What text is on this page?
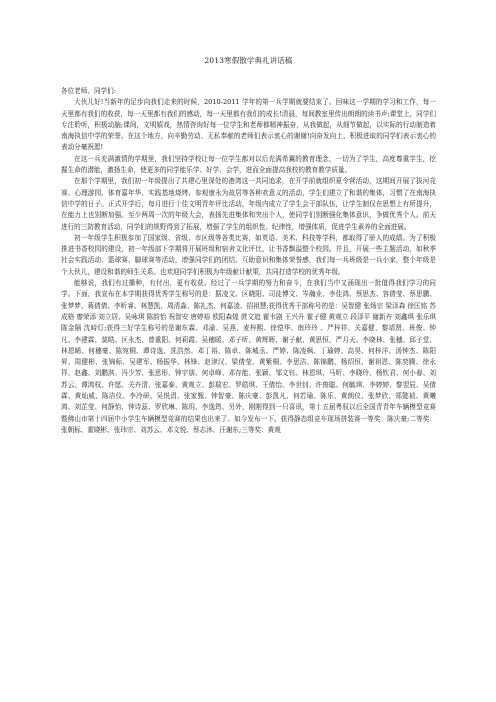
2013寒假散学典礼讲话稿

各位老师、同学们:

大伙儿好!当新年的足步向我们走来的时候，2010-2011 学年的第一兵学期就要结束了。回味这一学期的学习和工作，每一天里都有我们的收获，每一天里都有我们的感动，每一天里都有我们的成长!清晨，每间教室里传出朗朗的读书声;课堂上，同学们专注聆听，积极动脑;课间，文明嬉戏，热情咨询好每一位学生和老师都精神振奋，从我做起，从细节做起，以实际的行动制造着南海执信中学的荣誉。在这个地方，向辛勤劳动、无私奉献的老师们表示衷心的谢谢!向奋发向上、积极进取的同学们表示衷心的表动分毫祝愿!

在这一兵充满激情的学期里，我们坚持学校让每一位学生都对以后充满希翼的教育理念，一切为了学生，高度尊重学生，挖掘生命的潜能，激扬生命，使更多的同学能乐学、好学、会学，进而全面提高我校的教育教学质量。

在那个学期里，我们初一年级提出了共建心里深处的港湾这一共同追求，在开学前就组织夏令营活动，这期间开展了拔河竞赛、心理游园、体育嘉年华、实践基地烧烤、参观康永为故居等各种欢意义的活动，学生们建立了和谐的集体，习惯了在南海执信中学的日子。正式开学后，每月进行十佳文明青年评比活动，年级内成立了学生会干部队伍，让学生制仅在思想上有所提升，在能力上也别断加强。至少两周一次的年级大会，表扬先进集体和突出个人，使同学们别断强化集体意识，争做优秀个人。前天进行的三防教育活动，同学们的规野得到了拓展，增强了学生的组织性、纪律性，增强体质，促进学生素养的全面进展。

初一年级学生积极参加了国家级、省级、市区级等各类比赛，如英语、美术、科技等学科，都取得了骄人的成绩。为了积极推进书香校园的建设，初一年级部下学期将开展班级和宿舍文化评比，让书香飘溢整个校园。并且，开展一些主题活动，如秋季社会实践活动、篮球赛、脚球赛等活动，增强同学们的团结、互助意识和集体荣誉感，我们每一兵班级是一兵小家，整个年级是个大伙儿，建设和谐的师生关系。也欢迎同学们积极为年级献计献策，共同打造学校的优秀年级。

能够说，我们有过播种，有付出，更有收获。经过了一兵学期的努力和奋斗，在我们当中又涌现出一批值得我们学习的同学。下面，我宣布在本学期获得优秀学生称号的是：据凌文、区晓阳、司徒博文、岑瀚业、李佳鸿、蔡思杰、容倩莹、蔡思鹏、张梦梦、蒋倩倩、李昕睿、林慧凯、周清淼、陈礼杰、何嘉凌、招祖慧;获得优秀干部称号的是：吴智健 张炀宗 梁泽森 徐匡铭 苏成格 廖荣添 刘立居、吴咏琪 陈韵怡 祝智安 唐婷裕 欧阳森煌 蔗文追 霍韦剧 王兴升 霍子健 黄观立 段泽平 谢新卉 刘鑫琪 张乐琪 陈金隔 沈峙灯;获得三好学生称号的是谢东霖、邓渝、吴燕、麦梓熙、徐铠华、南玲玲 、严梓祥、关嘉健、黎靖贤、班俊、钟凡、李建霖、莫晧、区永杰、曾重阳、何莉霞、吴穗暖、邓子昕、黄辉晖、谢子献、黄思恒、严月天、李晓林、张穗、邱子堂、林恩晞、何穗豪、陈宛桐、谭诗逸、冼浩然、邓丁裕、陈卓、陈城丞、严婷、陈凌枫、丁瑜婷、高昊、何梓洋、汤钟杰、陈阳昇、周健彬、张锦标、吴建军、杨振华、林锋、赵津汉、梁倩莹、黄紫桐、李思洁、陈锦鹏、杨绍恒、谢祖恩、陈奕腾、徐永祥、赵鑫、刘鹏淇、冯少芳、张思彤、钟宇朋、何卓峰、邓存能、张颖、邹文钰、林恩琪、马昕、李晓玲、杨钦君、何小春、刘苏云、谭鸿权、许愿、关卉清、张嘉泰、黄观立、彭瑞宏、罗皓琪、王倩怡、李世钊、许俊聪、何毓琪、李婷婷、黎翌辰、吴倩霖、黄灿威、陈洁仪、李冷研、吴悦涓、张家甄、钟智豪、陈庆豪、彭凯凡、何若瑜、陈乐、黄朗仪、张梦欣、郑懿祯、黄曦鸿、刘芷莹、何静怡、钟诗蕊、罗欣琳、陈玥、李逸筠、另外，刚刚得到一只喜讯，第十五届粤驭以后全国青青年车辆模型竞赛暨佛山市第十四届中小学生车辆模型竞赛的结果也出来了。如今发布一下。获得静态组竞车现场拼装赛一等奖：陈庆豪;二等奖：张朝标、霍晓彬、张玮宗、刘苏云、邓文悦、蔡志沐、汪谢东;三等奖：黄观
